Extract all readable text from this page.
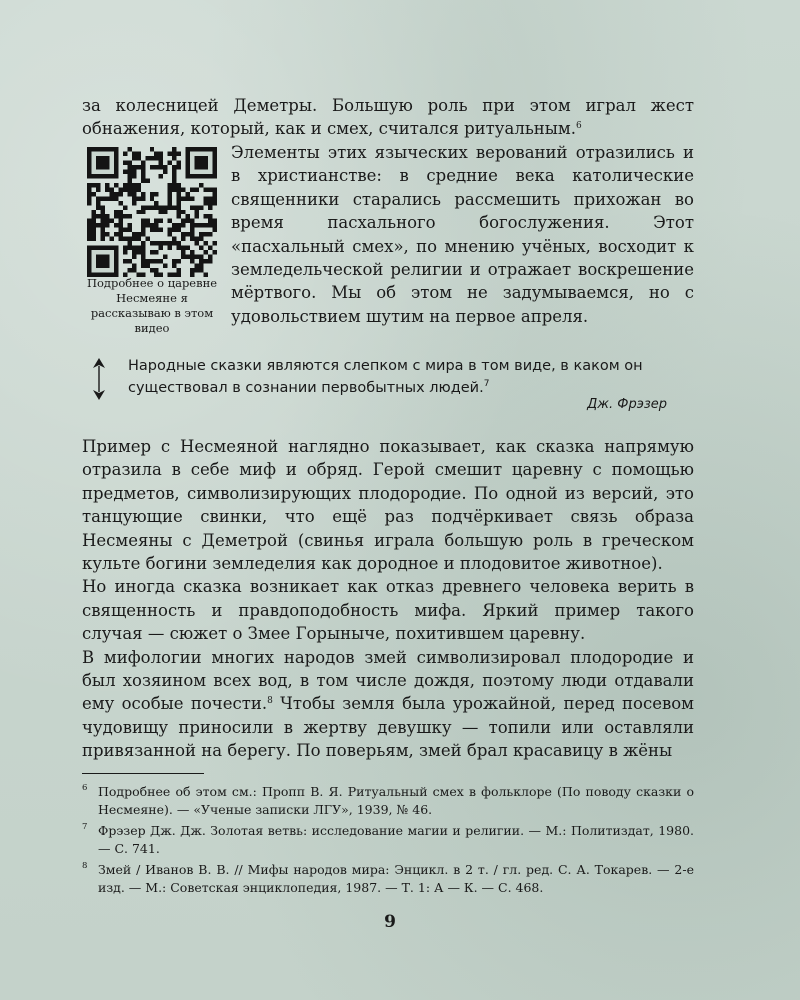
за колесницей Деметры. Большую роль при этом играл жест обнажения, который, как и смех, считался ритуальным.$^6$

Подробнее о царевне Несмеяне я рассказываю в этом видео

Элементы этих языческих верований отразились и в христианстве: в средние века католические священники старались рассмешить прихожан во время пасхального богослужения. Этот «пасхальный смех», по мнению учёных, восходит к земледельческой религии и отражает воскрешение мёртвого. Мы об этом не задумываемся, но с удовольствием шутим на первое апреля.

Народные сказки являются слепком с мира в том виде, в каком он существовал в сознании первобытных людей.$^7$
Дж. Фрэзер
Пример с Несмеяной наглядно показывает, как сказка напрямую отразила в себе миф и обряд. Герой смешит царевну с помощью предметов, символизирующих плодородие. По одной из версий, это танцующие свинки, что ещё раз подчёркивает связь образа Несмеяны с Деметрой (свинья играла большую роль в греческом культе богини земледелия как дородное и плодовитое животное).
Но иногда сказка возникает как отказ древнего человека верить в священность и правдоподобность мифа. Яркий пример такого случая — сюжет о Змее Горыныче, похитившем царевну.
В мифологии многих народов змей символизировал плодородие и был хозяином всех вод, в том числе дождя, поэтому люди отдавали ему особые почести.$^8$ Чтобы земля была урожайной, перед посевом чудовищу приносили в жертву девушку — топили или оставляли привязанной на берегу. По поверьям, змей брал красавицу в жёны
6 Подробнее об этом см.: Пропп В. Я. Ритуальный смех в фольклоре (По поводу сказки о Несмеяне). — «Ученые записки ЛГУ», 1939, № 46.
7 Фрэзер Дж. Дж. Золотая ветвь: исследование магии и религии. — М.: Политиздат, 1980. — С. 741.
8 Змей / Иванов В. В. // Мифы народов мира: Энцикл. в 2 т. / гл. ред. С. А. Токарев. — 2-е изд. — М.: Советская энциклопедия, 1987. — Т. 1: А — К. — С. 468.
9
